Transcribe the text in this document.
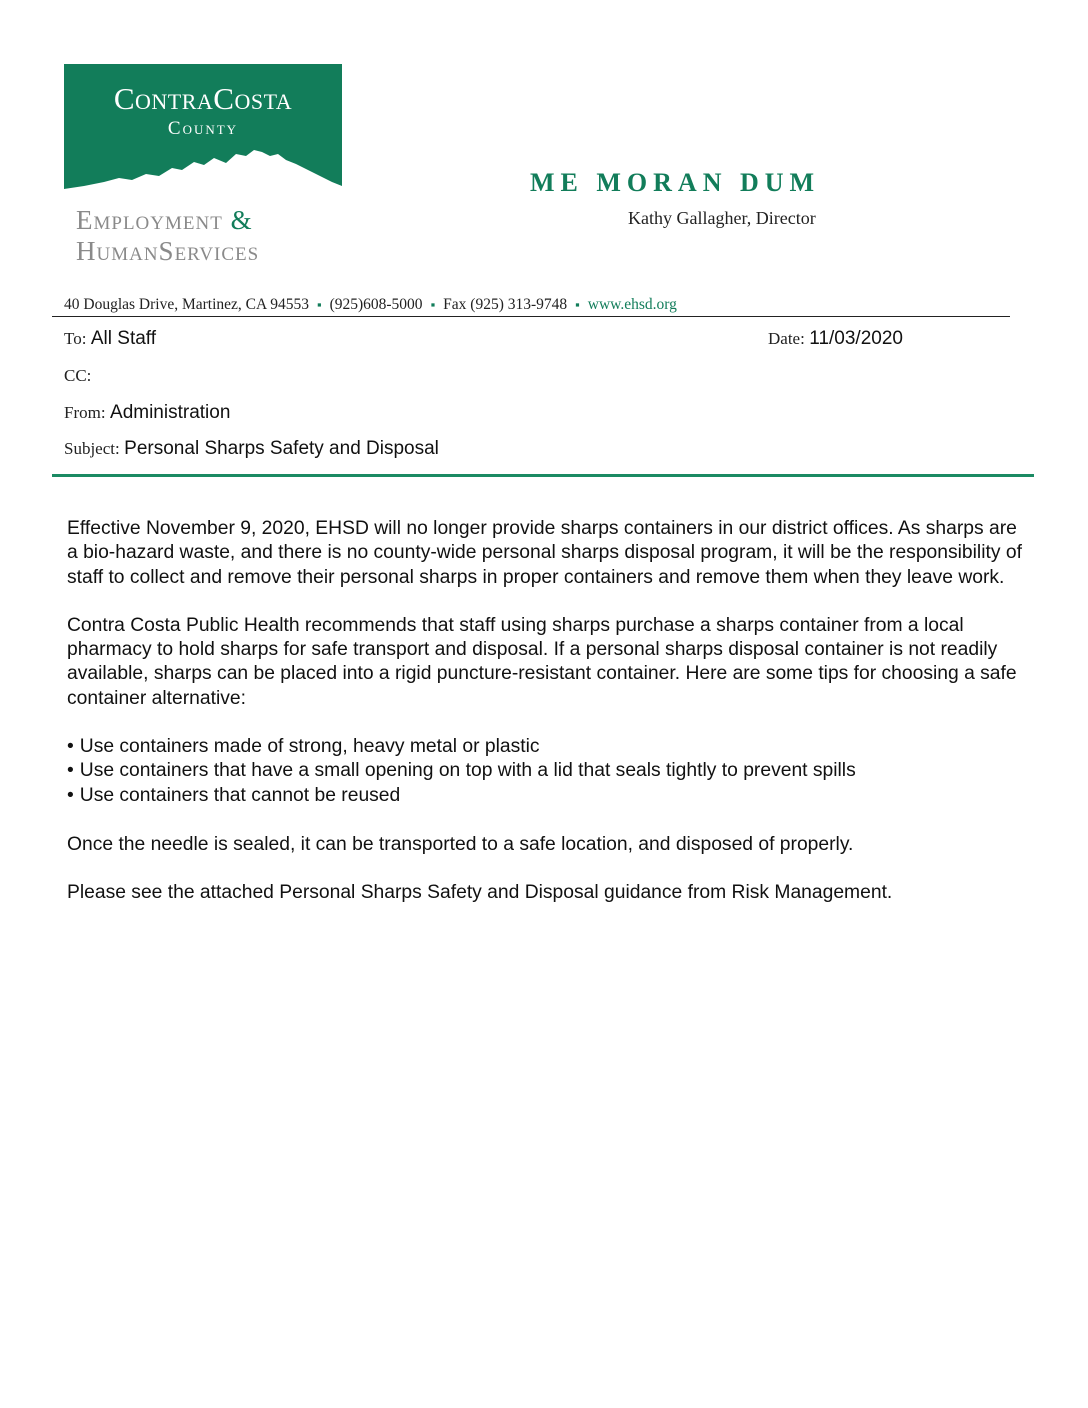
ContraCosta
County
Employment &
HumanServices
ME MORAN DUM
Kathy Gallagher, Director
40 Douglas Drive, Martinez, CA 94553 ▪ (925)608-5000 ▪ Fax (925) 313-9748 ▪ www.ehsd.org
To: All Staff	Date: 11/03/2020
CC:
From: Administration
Subject: Personal Sharps Safety and Disposal

Effective November 9, 2020, EHSD will no longer provide sharps containers in our district offices. As sharps are a bio-hazard waste, and there is no county-wide personal sharps disposal program, it will be the responsibility of staff to collect and remove their personal sharps in proper containers and remove them when they leave work.

Contra Costa Public Health recommends that staff using sharps purchase a sharps container from a local pharmacy to hold sharps for safe transport and disposal. If a personal sharps disposal container is not readily available, sharps can be placed into a rigid puncture-resistant container. Here are some tips for choosing a safe container alternative:

• Use containers made of strong, heavy metal or plastic
• Use containers that have a small opening on top with a lid that seals tightly to prevent spills
• Use containers that cannot be reused

Once the needle is sealed, it can be transported to a safe location, and disposed of properly.

Please see the attached Personal Sharps Safety and Disposal guidance from Risk Management.
